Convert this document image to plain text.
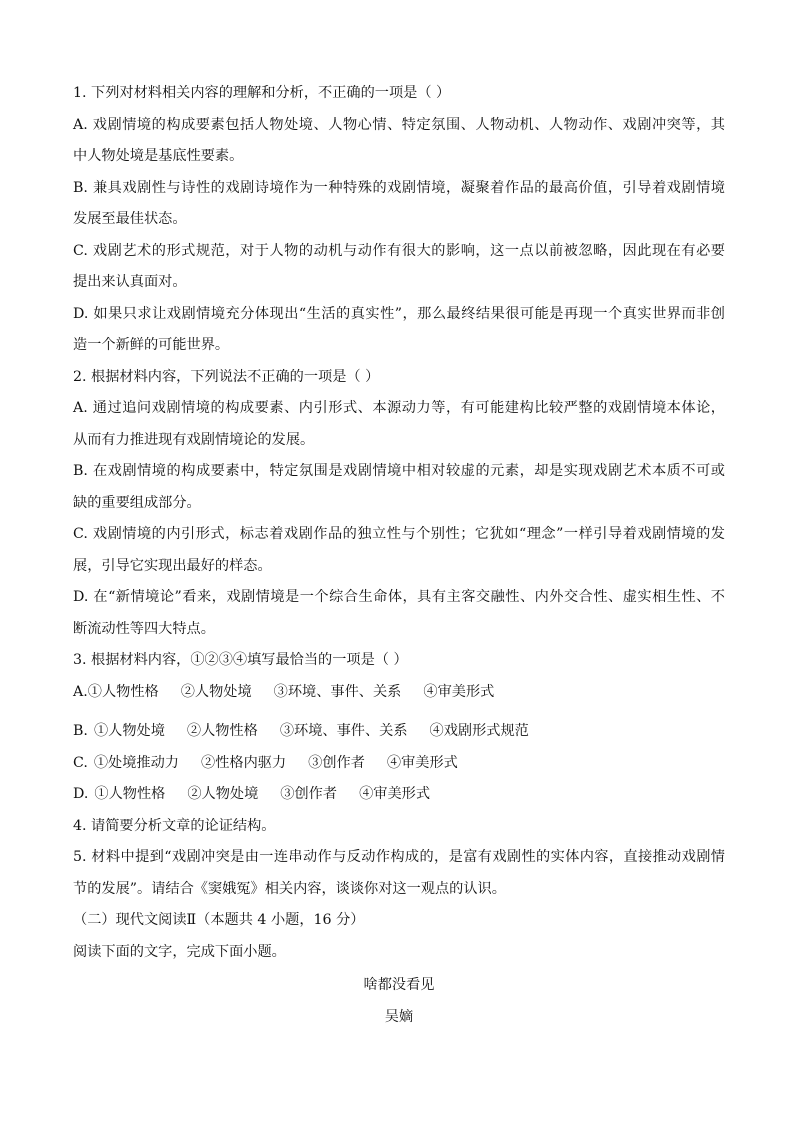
1. 下列对材料相关内容的理解和分析，不正确的一项是（ ）
A. 戏剧情境的构成要素包括人物处境、人物心情、特定氛围、人物动机、人物动作、戏剧冲突等，其
中人物处境是基底性要素。
B. 兼具戏剧性与诗性的戏剧诗境作为一种特殊的戏剧情境，凝聚着作品的最高价值，引导着戏剧情境
发展至最佳状态。
C. 戏剧艺术的形式规范，对于人物的动机与动作有很大的影响，这一点以前被忽略，因此现在有必要
提出来认真面对。
D. 如果只求让戏剧情境充分体现出“生活的真实性”，那么最终结果很可能是再现一个真实世界而非创
造一个新鲜的可能世界。
2. 根据材料内容，下列说法不正确的一项是（ ）
A. 通过追问戏剧情境的构成要素、内引形式、本源动力等，有可能建构比较严整的戏剧情境本体论，
从而有力推进现有戏剧情境论的发展。
B. 在戏剧情境的构成要素中，特定氛围是戏剧情境中相对较虚的元素，却是实现戏剧艺术本质不可或
缺的重要组成部分。
C. 戏剧情境的内引形式，标志着戏剧作品的独立性与个别性；它犹如“理念”一样引导着戏剧情境的发
展，引导它实现出最好的样态。
D. 在“新情境论”看来，戏剧情境是一个综合生命体，具有主客交融性、内外交合性、虚实相生性、不
断流动性等四大特点。
3. 根据材料内容，①②③④填写最恰当的一项是（ ）
A. ①人物性格 ②人物处境 ③环境、事件、关系 ④审美形式
B. ①人物处境 ②人物性格 ③环境、事件、关系 ④戏剧形式规范
C. ①处境推动力 ②性格内驱力 ③创作者 ④审美形式
D. ①人物性格 ②人物处境 ③创作者 ④审美形式
4. 请简要分析文章的论证结构。
5. 材料中提到“戏剧冲突是由一连串动作与反动作构成的，是富有戏剧性的实体内容，直接推动戏剧情
节的发展”。请结合《窦娥冤》相关内容，谈谈你对这一观点的认识。
（二）现代文阅读Ⅱ（本题共 4 小题，16 分）
阅读下面的文字，完成下面小题。
啥都没看见
吴嫡
